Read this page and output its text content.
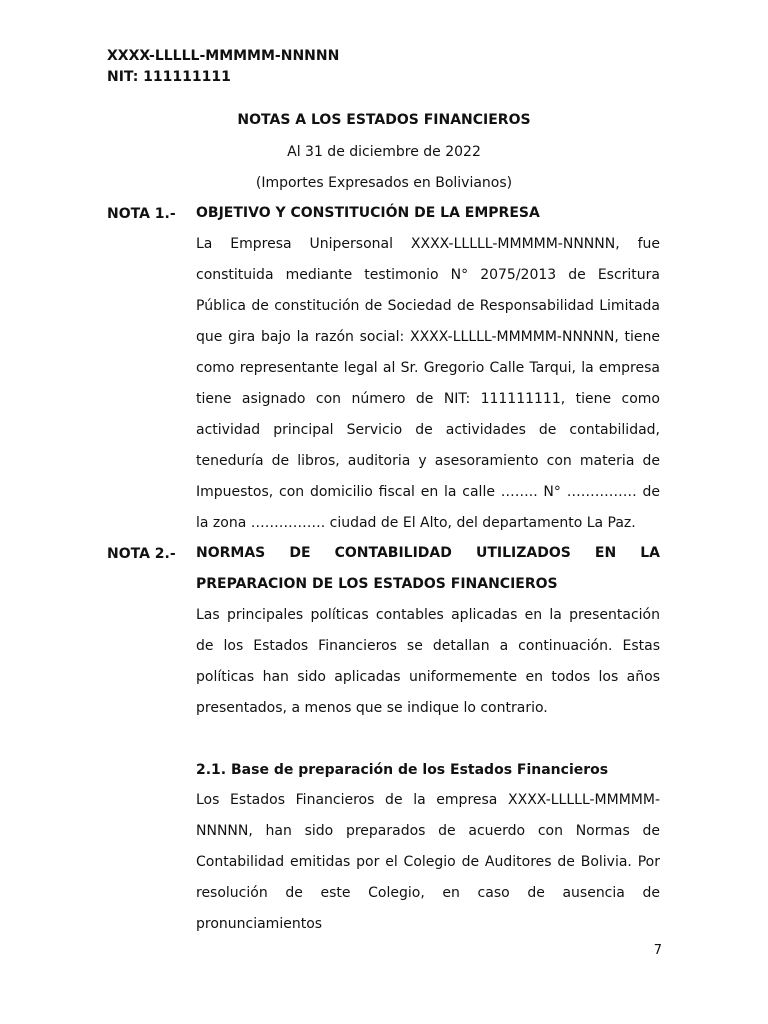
XXXX-LLLLL-MMMMM-NNNNN
NIT: 111111111
NOTAS A LOS ESTADOS FINANCIEROS
Al 31 de diciembre de 2022
(Importes Expresados en Bolivianos)
NOTA 1.- OBJETIVO Y CONSTITUCIÓN DE LA EMPRESA
La Empresa Unipersonal XXXX-LLLLL-MMMMM-NNNNN, fue constituida mediante testimonio N° 2075/2013 de Escritura Pública de constitución de Sociedad de Responsabilidad Limitada que gira bajo la razón social: XXXX-LLLLL-MMMMM-NNNNN, tiene como representante legal al Sr. Gregorio Calle Tarqui, la empresa tiene asignado con número de NIT: 111111111, tiene como actividad principal Servicio de actividades de contabilidad, teneduría de libros, auditoria y asesoramiento con materia de Impuestos, con domicilio fiscal en la calle …….. N° …………… de la zona ……………. ciudad de El Alto, del departamento La Paz.
NOTA 2.- NORMAS DE CONTABILIDAD UTILIZADOS EN LA PREPARACION DE LOS ESTADOS FINANCIEROS
Las principales políticas contables aplicadas en la presentación de los Estados Financieros se detallan a continuación. Estas políticas han sido aplicadas uniformemente en todos los años presentados, a menos que se indique lo contrario.
2.1. Base de preparación de los Estados Financieros
Los Estados Financieros de la empresa XXXX-LLLLL-MMMMM-NNNNN, han sido preparados de acuerdo con Normas de Contabilidad emitidas por el Colegio de Auditores de Bolivia. Por resolución de este Colegio, en caso de ausencia de pronunciamientos
7
